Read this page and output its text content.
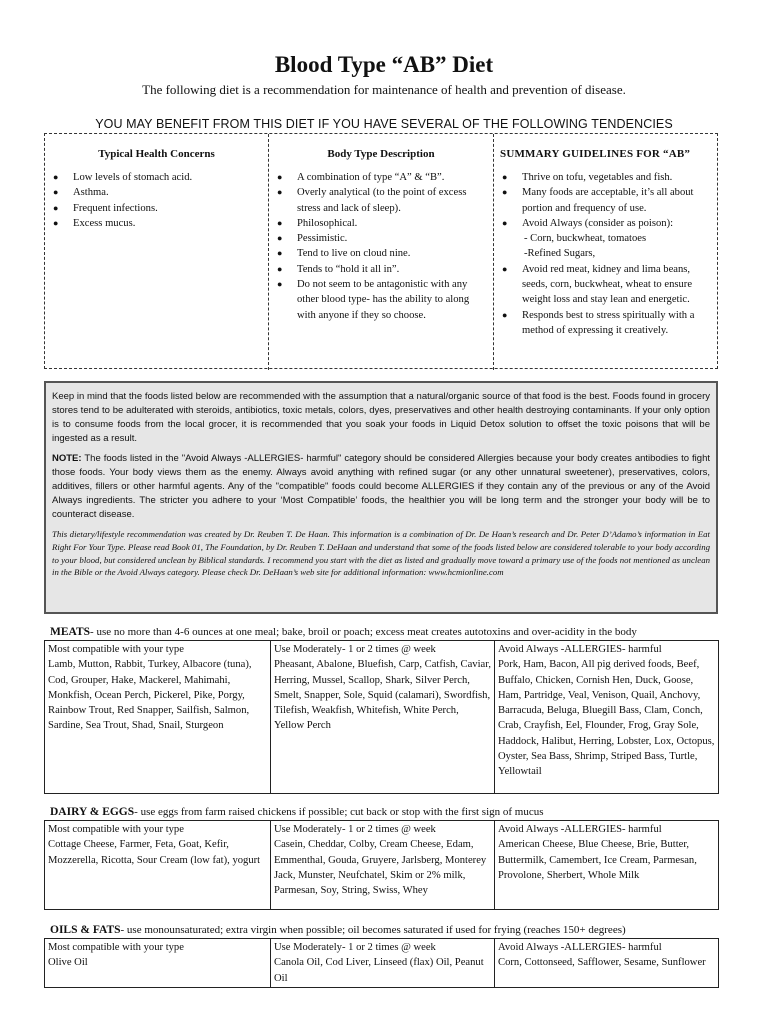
Blood Type “AB” Diet
The following diet is a recommendation for maintenance of health and prevention of disease.
YOU MAY BENEFIT FROM THIS DIET IF YOU HAVE SEVERAL OF THE FOLLOWING TENDENCIES
Typical Health Concerns
● Low levels of stomach acid.
● Asthma.
● Frequent infections.
● Excess mucus.
Body Type Description
● A combination of type “A” & “B”.
● Overly analytical (to the point of excess stress and lack of sleep).
● Philosophical.
● Pessimistic.
● Tend to live on cloud nine.
● Tends to “hold it all in”.
● Do not seem to be antagonistic with any other blood type- has the ability to along with anyone if they so choose.
SUMMARY GUIDELINES FOR “AB”
● Thrive on tofu, vegetables and fish.
● Many foods are acceptable, it’s all about portion and frequency of use.
● Avoid Always (consider as poison):
- Corn, buckwheat, tomatoes
-Refined Sugars,
● Avoid red meat, kidney and lima beans, seeds, corn, buckwheat, wheat to ensure weight loss and stay lean and energetic.
● Responds best to stress spiritually with a method of expressing it creatively.

Keep in mind that the foods listed below are recommended with the assumption that a natural/organic source of that food is the best. Foods found in grocery stores tend to be adulterated with steroids, antibiotics, toxic metals, colors, dyes, preservatives and other health destroying contaminants. If your only option is to consume foods from the local grocer, it is recommended that you soak your foods in Liquid Detox solution to offset the toxic poisons that will be ingested as a result.

NOTE: The foods listed in the "Avoid Always -ALLERGIES- harmful" category should be considered Allergies because your body creates antibodies to fight those foods. Your body views them as the enemy. Always avoid anything with refined sugar (or any other unnatural sweetener), preservatives, colors, additives, fillers or other harmful agents. Any of the "compatible" foods could become ALLERGIES if they contain any of the previous or any of the Avoid Always ingredients. The stricter you adhere to your ‘Most Compatible’ foods, the healthier you will be long term and the stronger your body will be to counteract disease.

This dietary/lifestyle recommendation was created by Dr. Reuben T. De Haan. This information is a combination of Dr. De Haan’s research and Dr. Peter D’Adamo’s information in Eat Right For Your Type. Please read Book 01, The Foundation, by Dr. Reuben T. DeHaan and understand that some of the foods listed below are considered tolerable to your body according to your blood, but considered unclean by Biblical standards. I recommend you start with the diet as listed and gradually move toward a primary use of the foods not mentioned as unclean in the Bible or the Avoid Always category. Please check Dr. DeHaan’s web site for additional information: www.hcmionline.com

MEATS- use no more than 4-6 ounces at one meal; bake, broil or poach; excess meat creates autotoxins and over-acidity in the body
Most compatible with your type
Lamb, Mutton, Rabbit, Turkey, Albacore (tuna), Cod, Grouper, Hake, Mackerel, Mahimahi, Monkfish, Ocean Perch, Pickerel, Pike, Porgy, Rainbow Trout, Red Snapper, Sailfish, Salmon, Sardine, Sea Trout, Shad, Snail, Sturgeon	
Use Moderately- 1 or 2 times @ week
Pheasant, Abalone, Bluefish, Carp, Catfish, Caviar, Herring, Mussel, Scallop, Shark, Silver Perch, Smelt, Snapper, Sole, Squid (calamari), Swordfish, Tilefish, Weakfish, Whitefish, White Perch, Yellow Perch	
Avoid Always -ALLERGIES- harmful
Pork, Ham, Bacon, All pig derived foods, Beef, Buffalo, Chicken, Cornish Hen, Duck, Goose, Ham, Partridge, Veal, Venison, Quail, Anchovy, Barracuda, Beluga, Bluegill Bass, Clam, Conch, Crab, Crayfish, Eel, Flounder, Frog, Gray Sole, Haddock, Halibut, Herring, Lobster, Lox, Octopus, Oyster, Sea Bass, Shrimp, Striped Bass, Turtle, Yellowtail
DAIRY & EGGS- use eggs from farm raised chickens if possible; cut back or stop with the first sign of mucus
Most compatible with your type
Cottage Cheese, Farmer, Feta, Goat, Kefir, Mozzerella, Ricotta, Sour Cream (low fat), yogurt	
Use Moderately- 1 or 2 times @ week
Casein, Cheddar, Colby, Cream Cheese, Edam, Emmenthal, Gouda, Gruyere, Jarlsberg, Monterey Jack, Munster, Neufchatel, Skim or 2% milk, Parmesan, Soy, String, Swiss, Whey	
Avoid Always -ALLERGIES- harmful
American Cheese, Blue Cheese, Brie, Butter, Buttermilk, Camembert, Ice Cream, Parmesan, Provolone, Sherbert, Whole Milk
OILS & FATS- use monounsaturated; extra virgin when possible; oil becomes saturated if used for frying (reaches 150+ degrees)
Most compatible with your type
Olive Oil	
Use Moderately- 1 or 2 times @ week
Canola Oil, Cod Liver, Linseed (flax) Oil, Peanut Oil	
Avoid Always -ALLERGIES- harmful
Corn, Cottonseed, Safflower, Sesame, Sunflower
